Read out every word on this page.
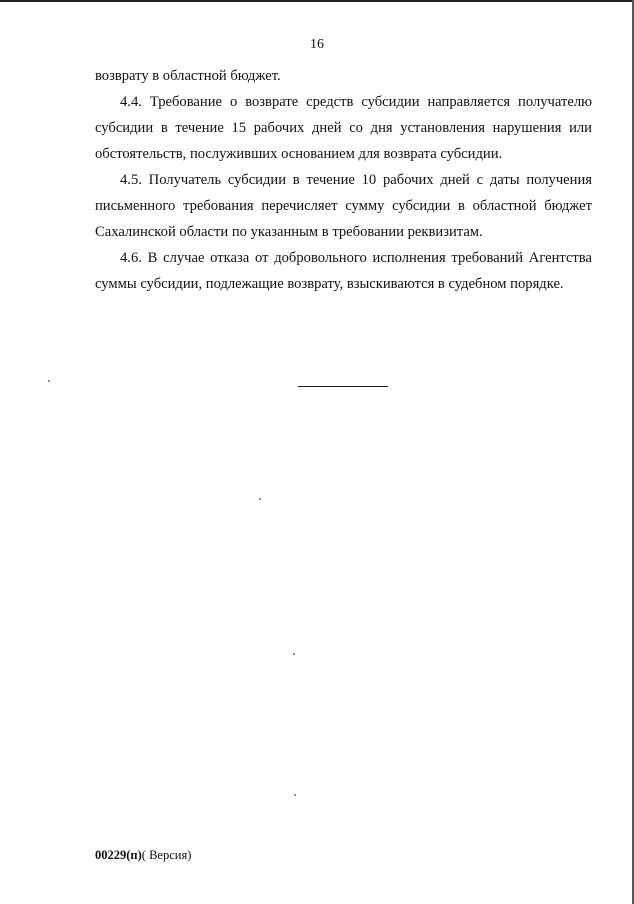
16

возврату в областной бюджет.

4.4. Требование о возврате средств субсидии направляется получателю субсидии в течение 15 рабочих дней со дня установления нарушения или обстоятельств, послуживших основанием для возврата субсидии.

4.5. Получатель субсидии в течение 10 рабочих дней с даты получения письменного требования перечисляет сумму субсидии в областной бюджет Сахалинской области по указанным в требовании реквизитам.

4.6. В случае отказа от добровольного исполнения требований Агентства суммы субсидии, подлежащие возврату, взыскиваются в судебном порядке.

00229(п)( Версия)
